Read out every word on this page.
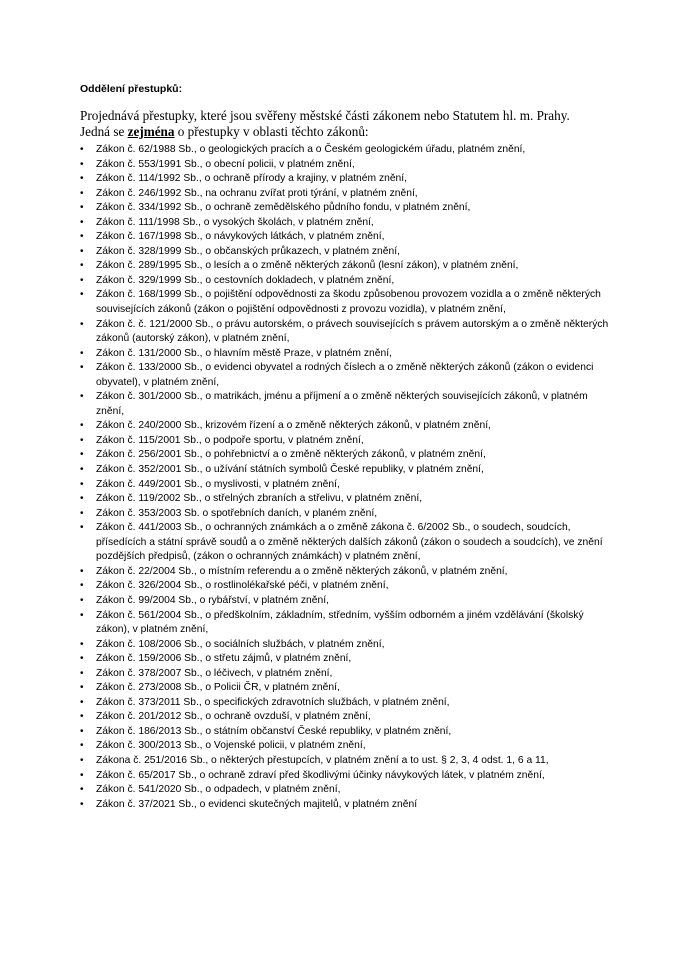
Oddělení přestupků:
Projednává přestupky, které jsou svěřeny městské části zákonem nebo Statutem hl. m. Prahy.
Jedná se zejména o přestupky v oblasti těchto zákonů:
• Zákon č. 62/1988 Sb., o geologických pracích a o Českém geologickém úřadu, platném znění,
• Zákon č. 553/1991 Sb., o obecní policii, v platném znění,
• Zákon č. 114/1992 Sb., o ochraně přírody a krajiny, v platném znění,
• Zákon č. 246/1992 Sb., na ochranu zvířat proti týrání, v platném znění,
• Zákon č. 334/1992 Sb., o ochraně zemědělského půdního fondu, v platném znění,
• Zákon č. 111/1998 Sb., o vysokých školách, v platném znění,
• Zákon č. 167/1998 Sb., o návykových látkách, v platném znění,
• Zákon č. 328/1999 Sb., o občanských průkazech, v platném znění,
• Zákon č. 289/1995 Sb., o lesích a o změně některých zákonů (lesní zákon), v platném znění,
• Zákon č. 329/1999 Sb., o cestovních dokladech, v platném znění,
• Zákon č. 168/1999 Sb., o pojištění odpovědnosti za škodu způsobenou provozem vozidla a o změně některých souvisejících zákonů (zákon o pojištění odpovědnosti z provozu vozidla), v platném znění,
• Zákon č. č. 121/2000 Sb., o právu autorském, o právech souvisejících s právem autorským a o změně některých zákonů (autorský zákon), v platném znění,
• Zákon č. 131/2000 Sb., o hlavním městě Praze, v platném znění,
• Zákon č. 133/2000 Sb., o evidenci obyvatel a rodných číslech a o změně některých zákonů (zákon o evidenci obyvatel), v platném znění,
• Zákon č. 301/2000 Sb., o matrikách, jménu a příjmení a o změně některých souvisejících zákonů, v platném znění,
• Zákon č. 240/2000 Sb., krizovém řízení a o změně některých zákonů, v platném znění,
• Zákon č. 115/2001 Sb., o podpoře sportu, v platném znění,
• Zákon č. 256/2001 Sb., o pohřebnictví a o změně některých zákonů, v platném znění,
• Zákon č. 352/2001 Sb., o užívání státních symbolů České republiky, v platném znění,
• Zákon č. 449/2001 Sb., o myslivosti, v platném znění,
• Zákon č. 119/2002 Sb., o střelných zbraních a střelivu, v platném znění,
• Zákon č. 353/2003 Sb. o spotřebních daních, v planém znění,
• Zákon č. 441/2003 Sb., o ochranných známkách a o změně zákona č. 6/2002 Sb., o soudech, soudcích, přísedících a státní správě soudů a o změně některých dalších zákonů (zákon o soudech a soudcích), ve znění pozdějších předpisů, (zákon o ochranných známkách) v platném znění,
• Zákon č. 22/2004 Sb., o místním referendu a o změně některých zákonů, v platném znění,
• Zákon č. 326/2004 Sb., o rostlinolékařské péči, v platném znění,
• Zákon č. 99/2004 Sb., o rybářství, v platném znění,
• Zákon č. 561/2004 Sb., o předškolním, základním, středním, vyšším odborném a jiném vzdělávání (školský zákon), v platném znění,
• Zákon č. 108/2006 Sb., o sociálních službách, v platném znění,
• Zákon č. 159/2006 Sb., o střetu zájmů, v platném znění,
• Zákon č. 378/2007 Sb., o léčivech, v platném znění,
• Zákon č. 273/2008 Sb., o Policii ČR, v platném znění,
• Zákon č. 373/2011 Sb., o specifických zdravotních službách, v platném znění,
• Zákon č. 201/2012 Sb., o ochraně ovzduší, v platném znění,
• Zákon č. 186/2013 Sb., o státním občanství České republiky, v platném znění,
• Zákon č. 300/2013 Sb., o Vojenské policii, v platném znění,
• Zákona č. 251/2016 Sb., o některých přestupcích, v platném znění a to ust. § 2, 3, 4 odst. 1, 6 a 11,
• Zákon č. 65/2017 Sb., o ochraně zdraví před škodlivými účinky návykových látek, v platném znění,
• Zákon č. 541/2020 Sb., o odpadech, v platném znění,
• Zákon č. 37/2021 Sb., o evidenci skutečných majitelů, v platném znění
